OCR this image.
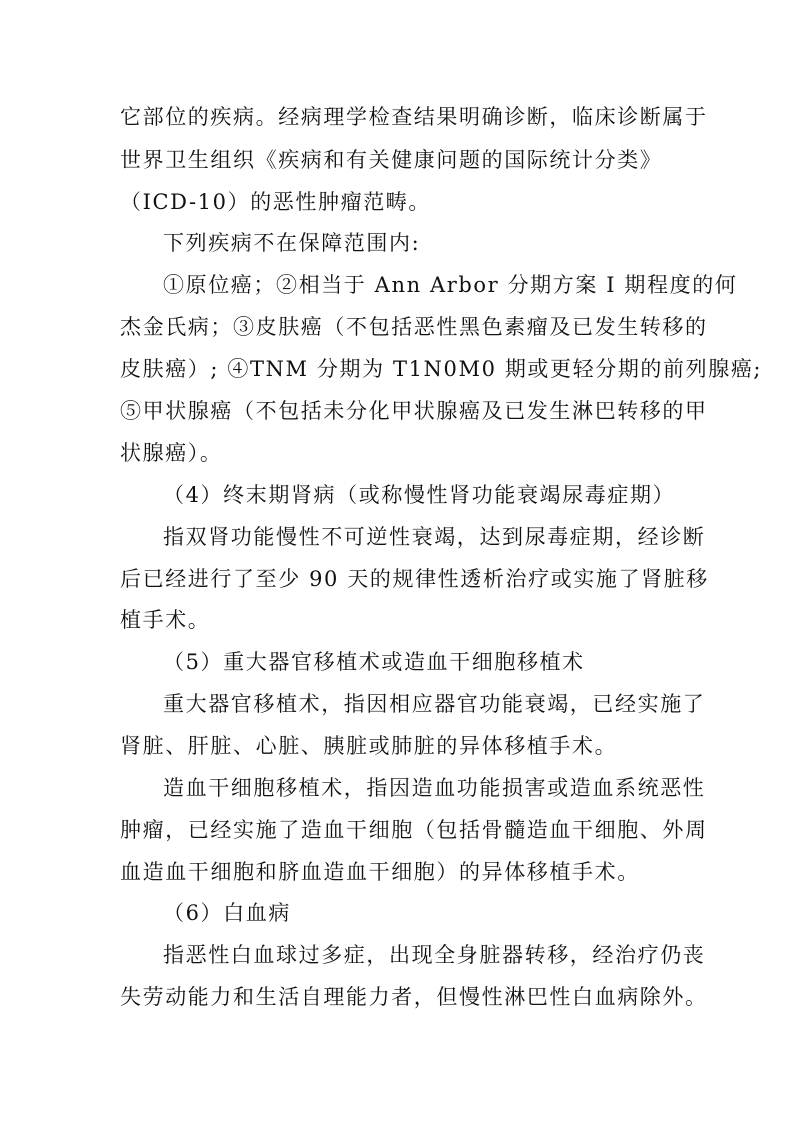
它部位的疾病。经病理学检查结果明确诊断，临床诊断属于
世界卫生组织《疾病和有关健康问题的国际统计分类》
（ICD-10）的恶性肿瘤范畴。
下列疾病不在保障范围内:
①原位癌；②相当于 Ann Arbor 分期方案 I 期程度的何
杰金氏病；③皮肤癌（不包括恶性黑色素瘤及已发生转移的
皮肤癌）; ④TNM 分期为 T1N0M0 期或更轻分期的前列腺癌;
⑤甲状腺癌（不包括未分化甲状腺癌及已发生淋巴转移的甲
状腺癌）。
（4）终末期肾病（或称慢性肾功能衰竭尿毒症期）
指双肾功能慢性不可逆性衰竭，达到尿毒症期，经诊断
后已经进行了至少 90 天的规律性透析治疗或实施了肾脏移
植手术。
（5）重大器官移植术或造血干细胞移植术
重大器官移植术，指因相应器官功能衰竭，已经实施了
肾脏、肝脏、心脏、胰脏或肺脏的异体移植手术。
造血干细胞移植术，指因造血功能损害或造血系统恶性
肿瘤，已经实施了造血干细胞（包括骨髓造血干细胞、外周
血造血干细胞和脐血造血干细胞）的异体移植手术。
（6）白血病
指恶性白血球过多症，出现全身脏器转移，经治疗仍丧
失劳动能力和生活自理能力者，但慢性淋巴性白血病除外。
